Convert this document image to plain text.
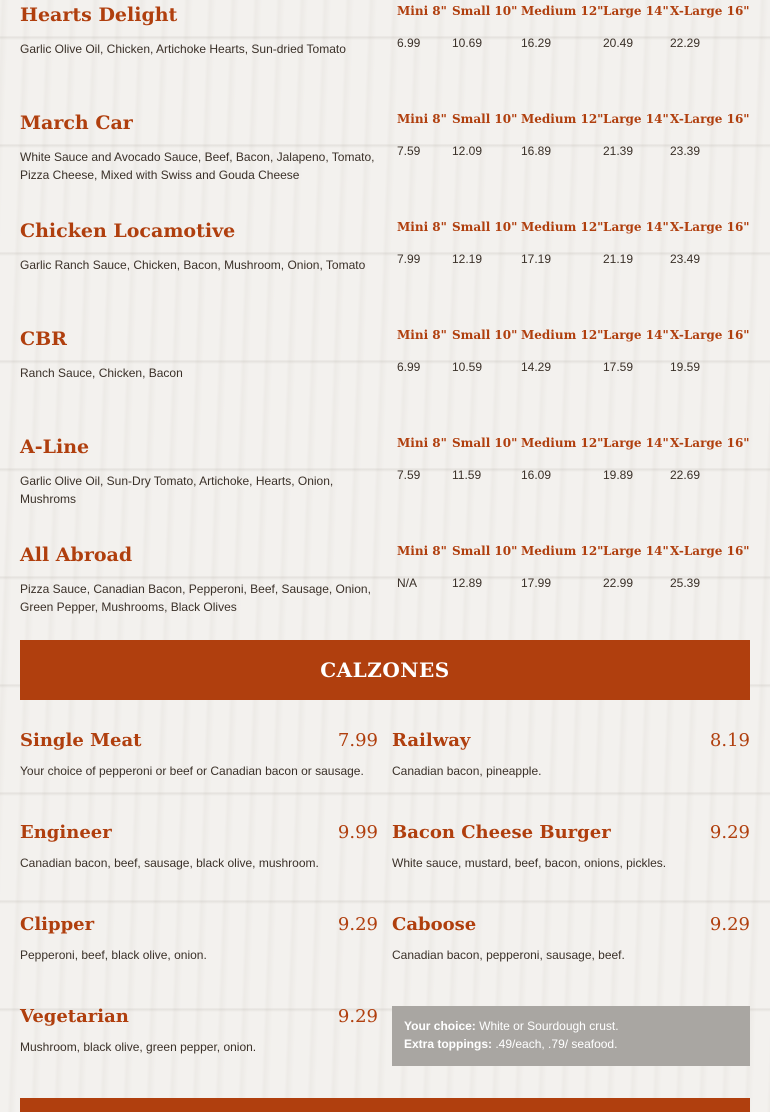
Hearts Delight
Garlic Olive Oil, Chicken, Artichoke Hearts, Sun-dried Tomato
Mini 8" Small 10" Medium 12" Large 14" X-Large 16"
6.99	10.69	16.29	20.49	22.29
March Car
White Sauce and Avocado Sauce, Beef, Bacon, Jalapeno, Tomato, Pizza Cheese, Mixed with Swiss and Gouda Cheese
Mini 8" Small 10" Medium 12" Large 14" X-Large 16"
7.59	12.09	16.89	21.39	23.39
Chicken Locamotive
Garlic Ranch Sauce, Chicken, Bacon, Mushroom, Onion, Tomato
Mini 8" Small 10" Medium 12" Large 14" X-Large 16"
7.99	12.19	17.19	21.19	23.49
CBR
Ranch Sauce, Chicken, Bacon
Mini 8" Small 10" Medium 12" Large 14" X-Large 16"
6.99	10.59	14.29	17.59	19.59
A-Line
Garlic Olive Oil, Sun-Dry Tomato, Artichoke, Hearts, Onion, Mushroms
Mini 8" Small 10" Medium 12" Large 14" X-Large 16"
7.59	11.59	16.09	19.89	22.69
All Abroad
Pizza Sauce, Canadian Bacon, Pepperoni, Beef, Sausage, Onion, Green Pepper, Mushrooms, Black Olives
Mini 8" Small 10" Medium 12" Large 14" X-Large 16"
N/A	12.89	17.99	22.99	25.39
CALZONES
Single Meat	7.99
Your choice of pepperoni or beef or Canadian bacon or sausage.
Engineer	9.99
Canadian bacon, beef, sausage, black olive, mushroom.
Clipper	9.29
Pepperoni, beef, black olive, onion.
Vegetarian	9.29
Mushroom, black olive, green pepper, onion.
Railway	8.19
Canadian bacon, pineapple.
Bacon Cheese Burger	9.29
White sauce, mustard, beef, bacon, onions, pickles.
Caboose	9.29
Canadian bacon, pepperoni, sausage, beef.
Your choice: White or Sourdough crust.
Extra toppings: .49/each, .79/ seafood.
